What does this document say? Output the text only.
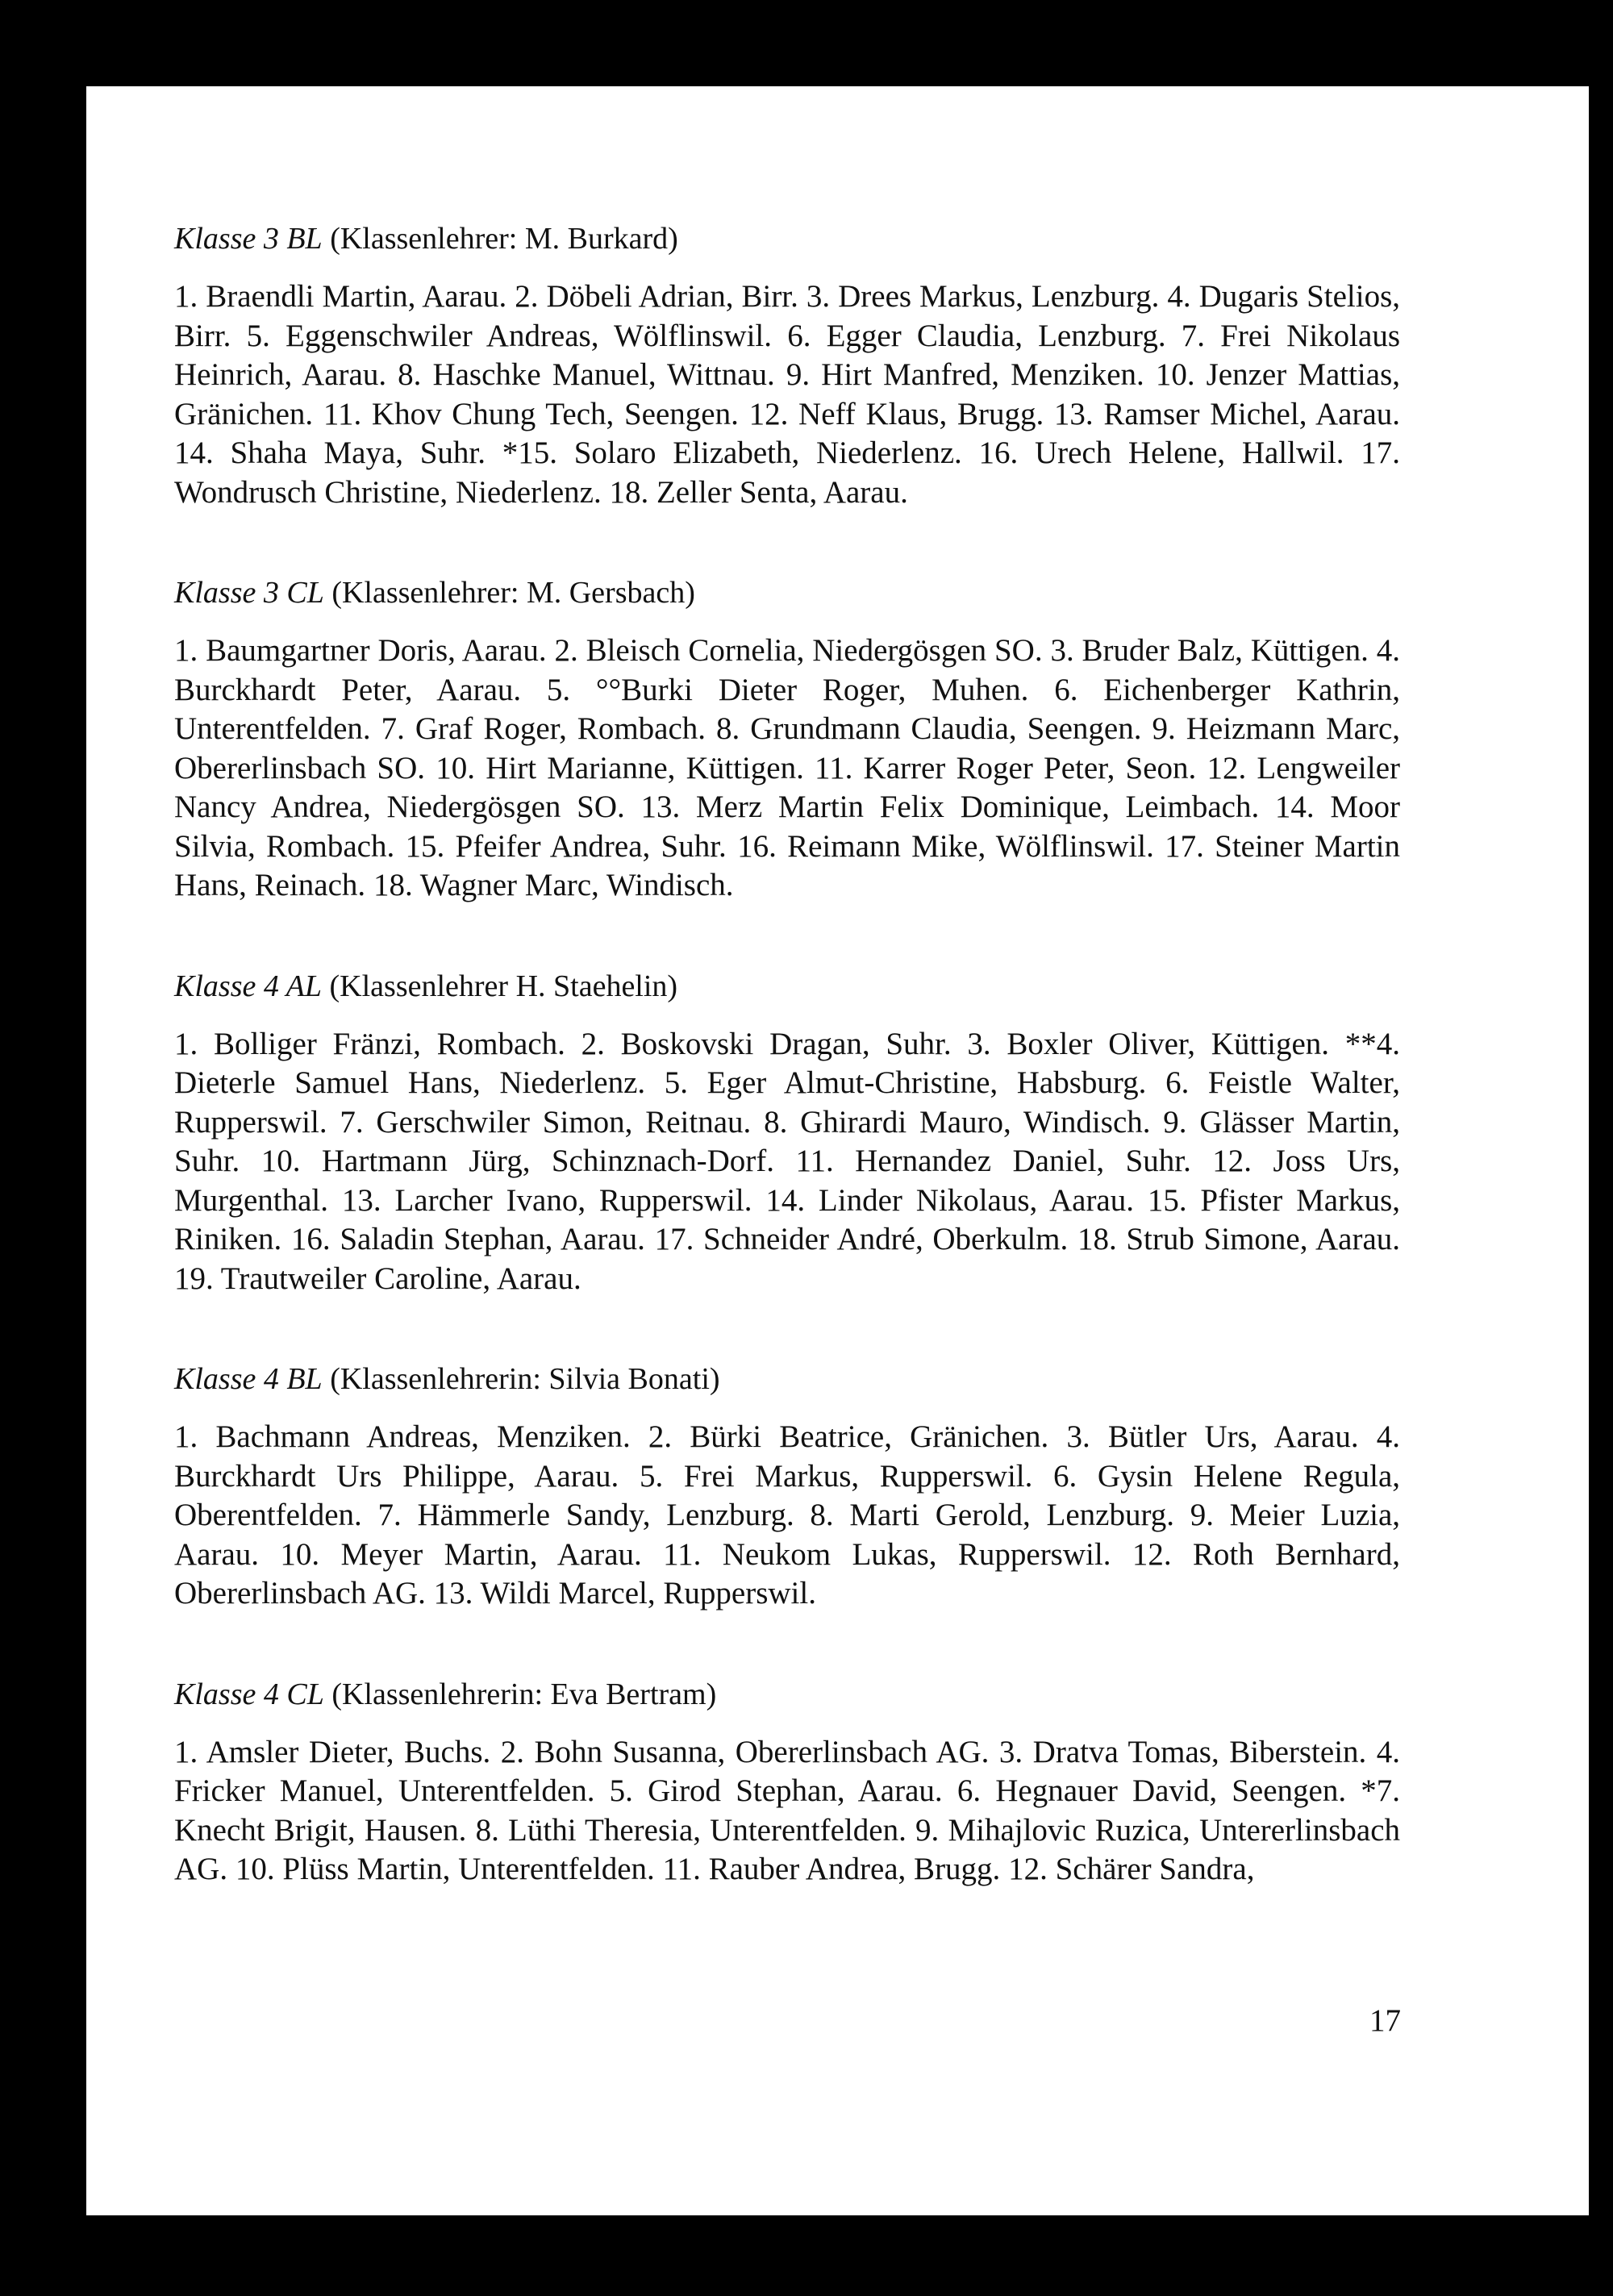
Klasse 3 BL (Klassenlehrer: M. Burkard)

1. Braendli Martin, Aarau. 2. Döbeli Adrian, Birr. 3. Drees Markus, Lenzburg. 4. Dugaris Stelios, Birr. 5. Eggenschwiler Andreas, Wölflinswil. 6. Egger Claudia, Lenzburg. 7. Frei Nikolaus Heinrich, Aarau. 8. Haschke Manuel, Wittnau. 9. Hirt Manfred, Menziken. 10. Jenzer Mattias, Gränichen. 11. Khov Chung Tech, Seengen. 12. Neff Klaus, Brugg. 13. Ramser Michel, Aarau. 14. Shaha Maya, Suhr. *15. Solaro Elizabeth, Niederlenz. 16. Urech Helene, Hallwil. 17. Wondrusch Christine, Niederlenz. 18. Zeller Senta, Aarau.

Klasse 3 CL (Klassenlehrer: M. Gersbach)

1. Baumgartner Doris, Aarau. 2. Bleisch Cornelia, Niedergösgen SO. 3. Bruder Balz, Küttigen. 4. Burckhardt Peter, Aarau. 5. °°Burki Dieter Roger, Muhen. 6. Eichenberger Kathrin, Unterentfelden. 7. Graf Roger, Rombach. 8. Grundmann Claudia, Seengen. 9. Heizmann Marc, Obererlinsbach SO. 10. Hirt Marianne, Küttigen. 11. Karrer Roger Peter, Seon. 12. Lengweiler Nancy Andrea, Niedergösgen SO. 13. Merz Martin Felix Dominique, Leimbach. 14. Moor Silvia, Rombach. 15. Pfeifer Andrea, Suhr. 16. Reimann Mike, Wölflinswil. 17. Steiner Martin Hans, Reinach. 18. Wagner Marc, Windisch.

Klasse 4 AL (Klassenlehrer H. Staehelin)

1. Bolliger Fränzi, Rombach. 2. Boskovski Dragan, Suhr. 3. Boxler Oliver, Küttigen. **4. Dieterle Samuel Hans, Niederlenz. 5. Eger Almut-Christine, Habsburg. 6. Feistle Walter, Rupperswil. 7. Gerschwiler Simon, Reitnau. 8. Ghirardi Mauro, Windisch. 9. Glässer Martin, Suhr. 10. Hartmann Jürg, Schinznach-Dorf. 11. Hernandez Daniel, Suhr. 12. Joss Urs, Murgenthal. 13. Larcher Ivano, Rupperswil. 14. Linder Nikolaus, Aarau. 15. Pfister Markus, Riniken. 16. Saladin Stephan, Aarau. 17. Schneider André, Oberkulm. 18. Strub Simone, Aarau. 19. Trautweiler Caroline, Aarau.

Klasse 4 BL (Klassenlehrerin: Silvia Bonati)

1. Bachmann Andreas, Menziken. 2. Bürki Beatrice, Gränichen. 3. Bütler Urs, Aarau. 4. Burckhardt Urs Philippe, Aarau. 5. Frei Markus, Rupperswil. 6. Gysin Helene Regula, Oberentfelden. 7. Hämmerle Sandy, Lenzburg. 8. Marti Gerold, Lenzburg. 9. Meier Luzia, Aarau. 10. Meyer Martin, Aarau. 11. Neukom Lukas, Rupperswil. 12. Roth Bernhard, Obererlinsbach AG. 13. Wildi Marcel, Rupperswil.

Klasse 4 CL (Klassenlehrerin: Eva Bertram)

1. Amsler Dieter, Buchs. 2. Bohn Susanna, Obererlinsbach AG. 3. Dratva Tomas, Biberstein. 4. Fricker Manuel, Unterentfelden. 5. Girod Stephan, Aarau. 6. Hegnauer David, Seengen. *7. Knecht Brigit, Hausen. 8. Lüthi Theresia, Unterentfelden. 9. Mihajlovic Ruzica, Untererlinsbach AG. 10. Plüss Martin, Unterentfelden. 11. Rauber Andrea, Brugg. 12. Schärer Sandra,

17
